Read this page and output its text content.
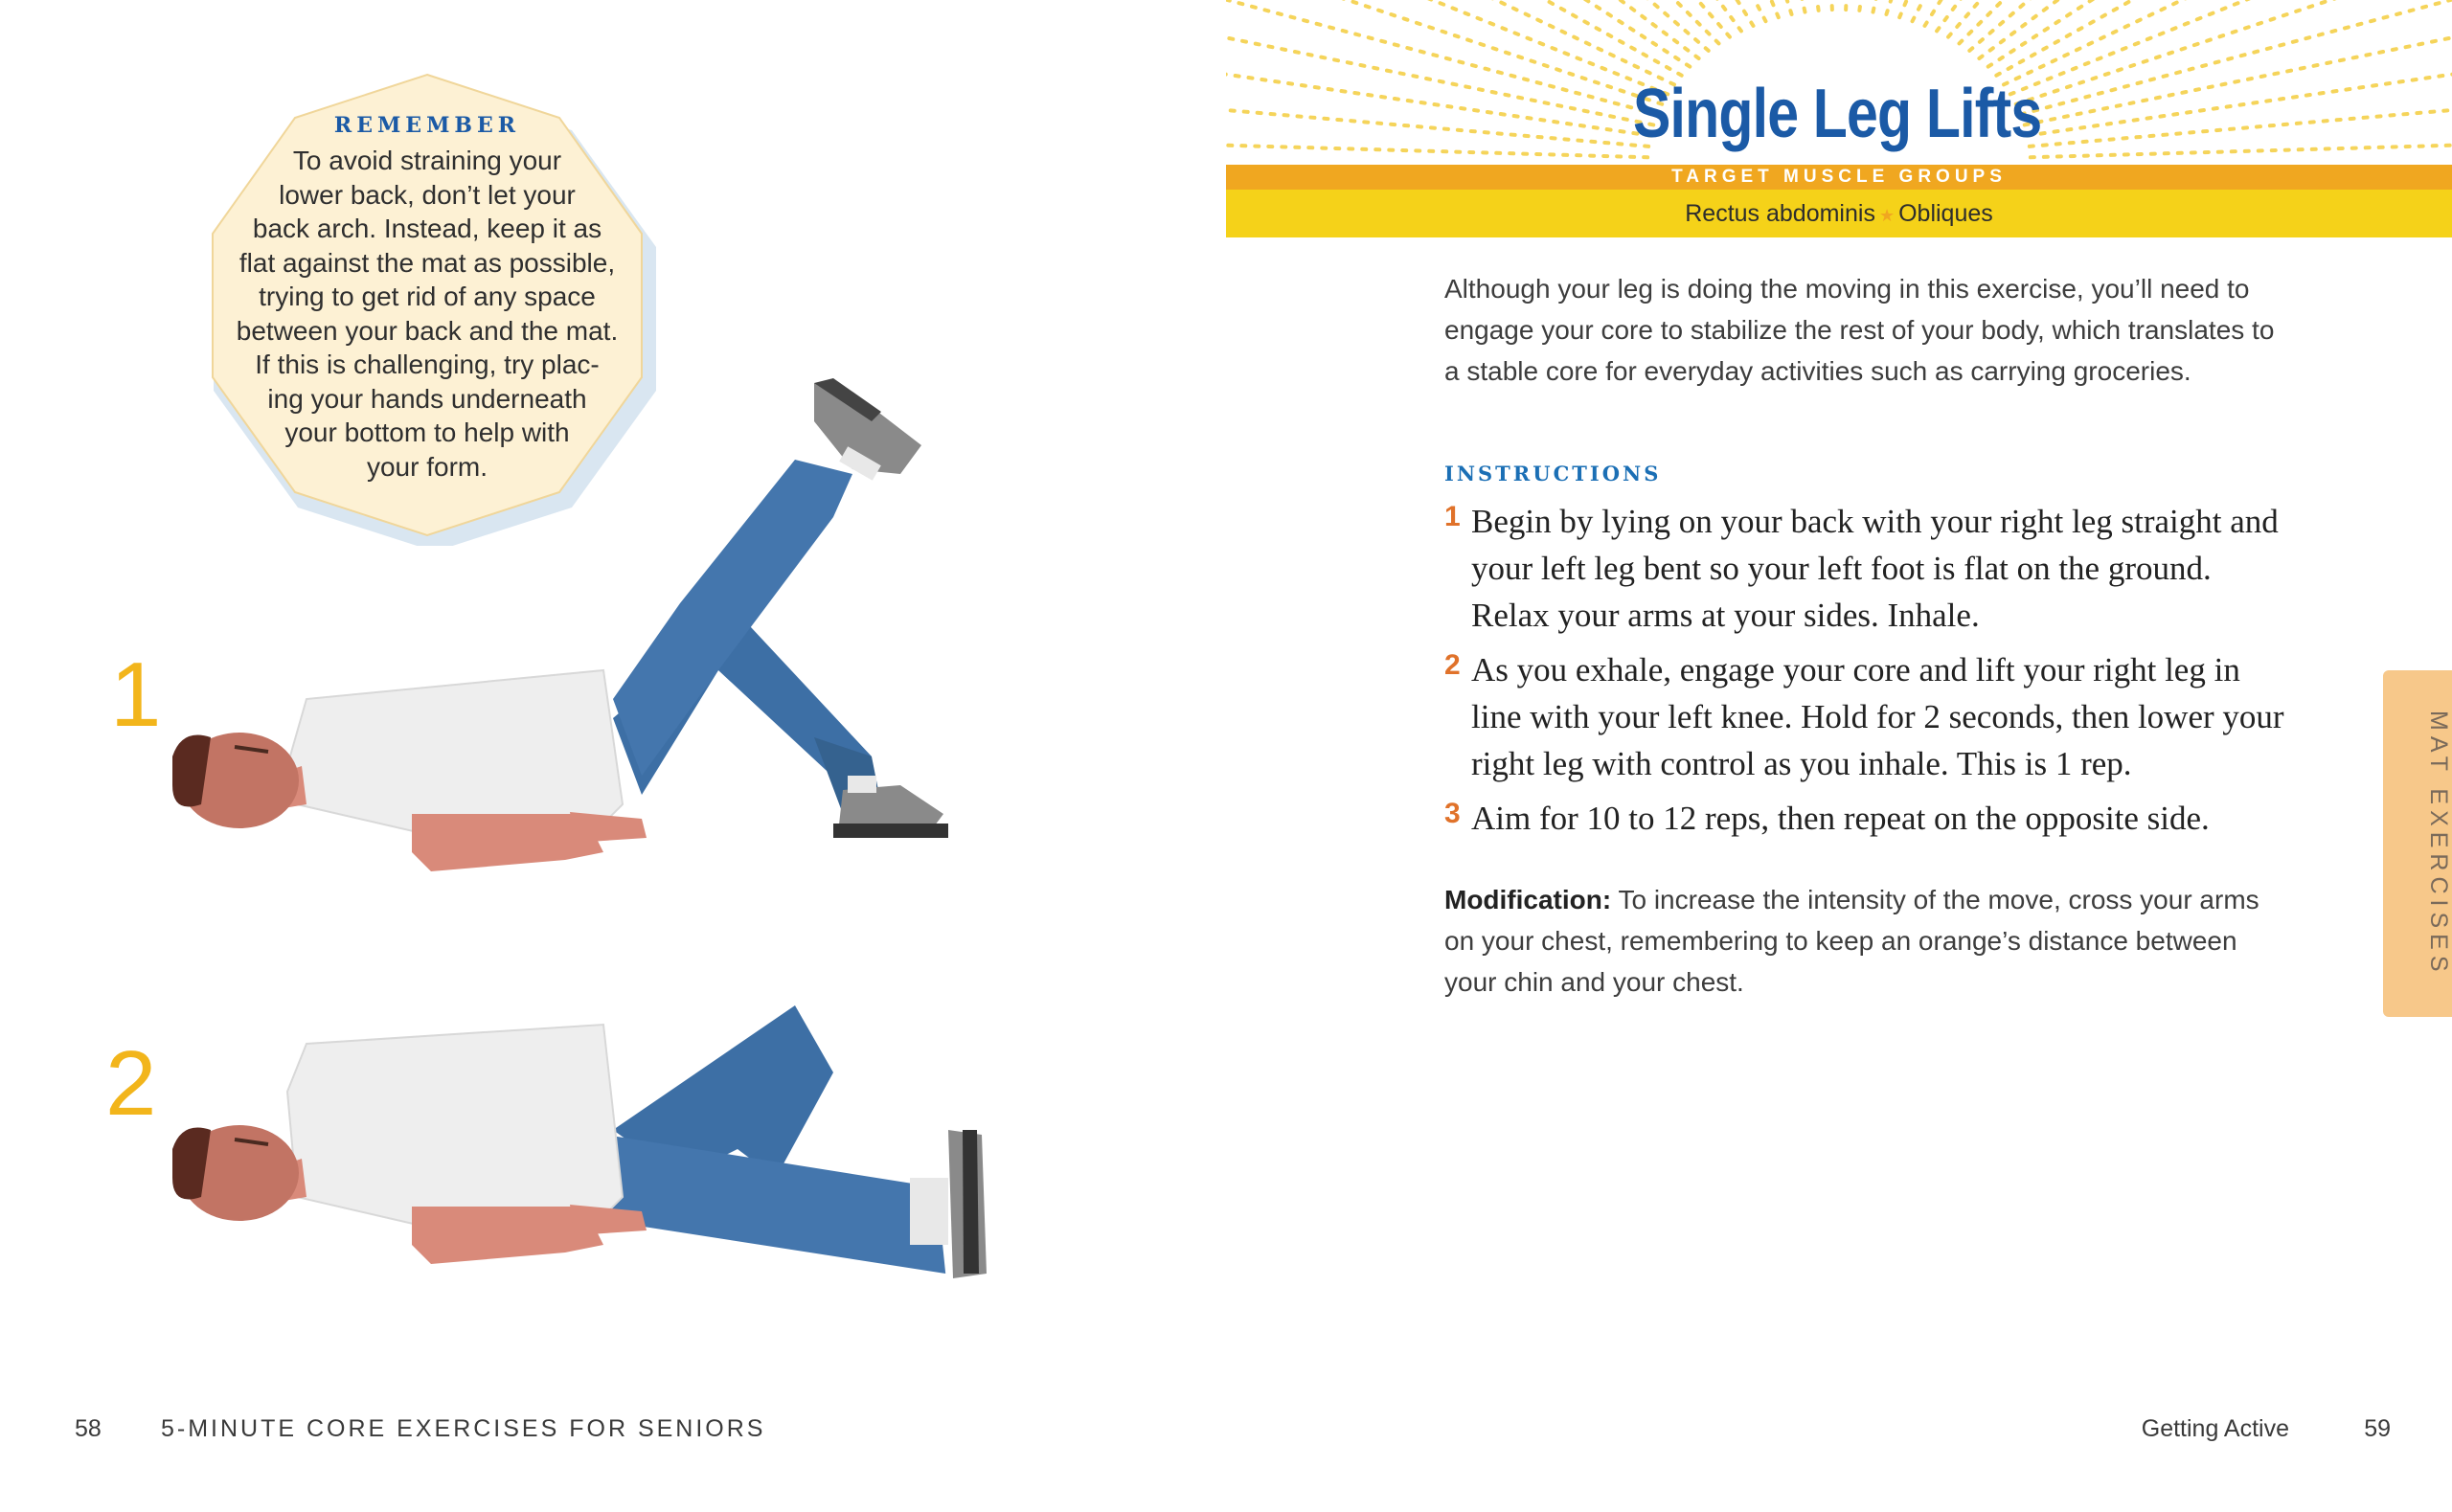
REMEMBER
To avoid straining your
lower back, don’t let your
back arch. Instead, keep it as
flat against the mat as possible,
trying to get rid of any space
between your back and the mat.
If this is challenging, try plac-
ing your hands underneath
your bottom to help with
your form.
1
2
58 5-MINUTE CORE EXERCISES FOR SENIORS
Single Leg Lifts
TARGET MUSCLE GROUPS
Rectus abdominis ★ Obliques
Although your leg is doing the moving in this exercise, you’ll need to engage your core to stabilize the rest of your body, which translates to a stable core for everyday activities such as carrying groceries.
INSTRUCTIONS
1 Begin by lying on your back with your right leg straight and your left leg bent so your left foot is flat on the ground. Relax your arms at your sides. Inhale.
2 As you exhale, engage your core and lift your right leg in line with your left knee. Hold for 2 seconds, then lower your right leg with control as you inhale. This is 1 rep.
3 Aim for 10 to 12 reps, then repeat on the opposite side.
Modification: To increase the intensity of the move, cross your arms on your chest, remembering to keep an orange’s distance between your chin and your chest.
MAT EXERCISES
Getting Active	59
